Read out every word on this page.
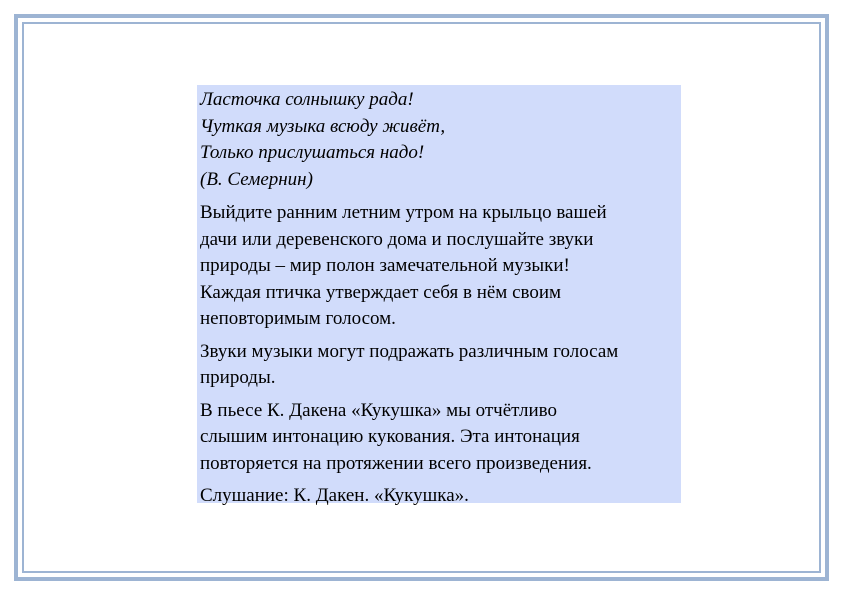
Ласточка солнышку рада!
Чуткая музыка всюду живёт,
Только прислушаться надо!
(В. Семернин)
Выйдите ранним летним утром на крыльцо вашей
дачи или деревенского дома и послушайте звуки
природы – мир полон замечательной музыки!
Каждая птичка утверждает себя в нём своим
неповторимым голосом.
Звуки музыки могут подражать различным голосам
природы.
В пьесе К. Дакена «Кукушка» мы отчётливо
слышим интонацию кукования. Эта интонация
повторяется на протяжении всего произведения.
Слушание: К. Дакен. «Кукушка».
